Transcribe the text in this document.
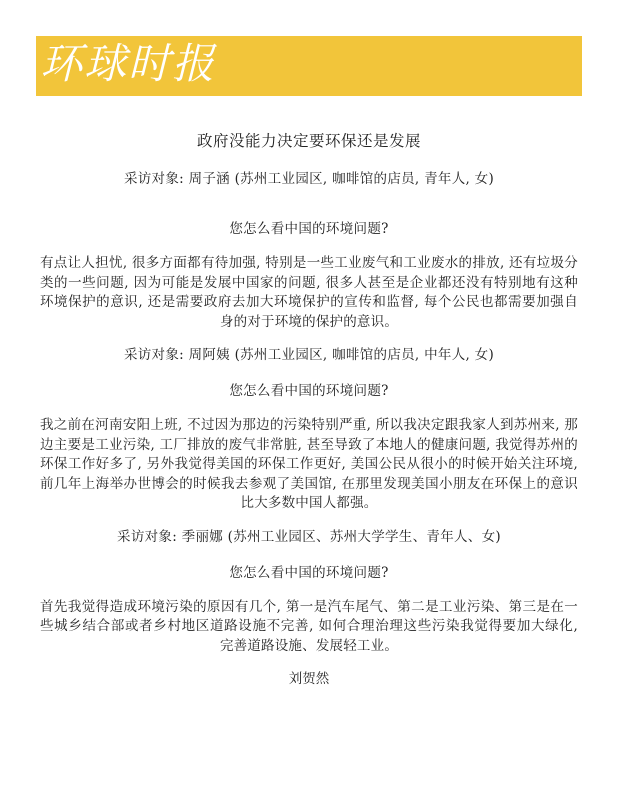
环球时报
政府没能力决定要环保还是发展
采访对象: 周子涵 (苏州工业园区, 咖啡馆的店员, 青年人, 女)
您怎么看中国的环境问题?
有点让人担忧, 很多方面都有待加强, 特别是一些工业废气和工业废水的排放, 还有垃圾分类的一些问题, 因为可能是发展中国家的问题, 很多人甚至是企业都还没有特别地有这种环境保护的意识, 还是需要政府去加大环境保护的宣传和监督, 每个公民也都需要加强自身的对于环境的保护的意识。
采访对象: 周阿姨 (苏州工业园区, 咖啡馆的店员, 中年人, 女)
您怎么看中国的环境问题?
我之前在河南安阳上班, 不过因为那边的污染特别严重, 所以我决定跟我家人到苏州来, 那边主要是工业污染, 工厂排放的废气非常脏, 甚至导致了本地人的健康问题, 我觉得苏州的环保工作好多了, 另外我觉得美国的环保工作更好, 美国公民从很小的时候开始关注环境, 前几年上海举办世博会的时候我去参观了美国馆, 在那里发现美国小朋友在环保上的意识比大多数中国人都强。
采访对象: 季丽娜 (苏州工业园区、苏州大学学生、青年人、女)
您怎么看中国的环境问题?
首先我觉得造成环境污染的原因有几个, 第一是汽车尾气、第二是工业污染、第三是在一些城乡结合部或者乡村地区道路设施不完善, 如何合理治理这些污染我觉得要加大绿化, 完善道路设施、发展轻工业。
刘贺然
